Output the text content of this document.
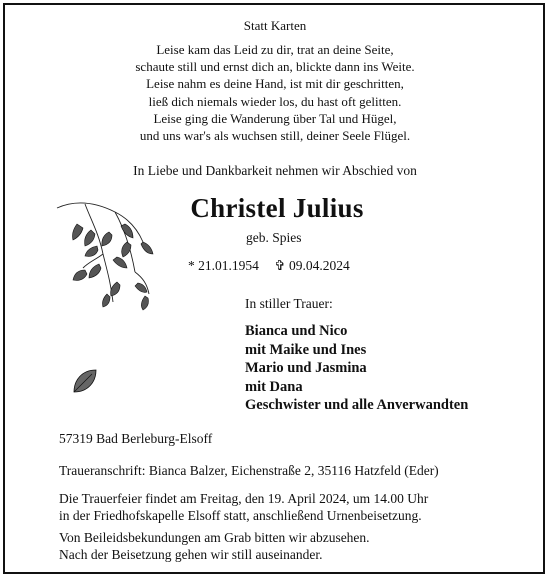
Statt Karten
Leise kam das Leid zu dir, trat an deine Seite,
schaute still und ernst dich an, blickte dann ins Weite.
Leise nahm es deine Hand, ist mit dir geschritten,
ließ dich niemals wieder los, du hast oft gelitten.
Leise ging die Wanderung über Tal und Hügel,
und uns war's als wuchsen still, deiner Seele Flügel.
In Liebe und Dankbarkeit nehmen wir Abschied von
Christel Julius
geb. Spies
* 21.01.1954 ✞ 09.04.2024
In stiller Trauer:
Bianca und Nico
mit Maike und Ines
Mario und Jasmina
mit Dana
Geschwister und alle Anverwandten
57319 Bad Berleburg-Elsoff
Traueranschrift: Bianca Balzer, Eichenstraße 2, 35116 Hatzfeld (Eder)
Die Trauerfeier findet am Freitag, den 19. April 2024, um 14.00 Uhr
in der Friedhofskapelle Elsoff statt, anschließend Urnenbeisetzung.
Von Beileidsbekundungen am Grab bitten wir abzusehen.
Nach der Beisetzung gehen wir still auseinander.
